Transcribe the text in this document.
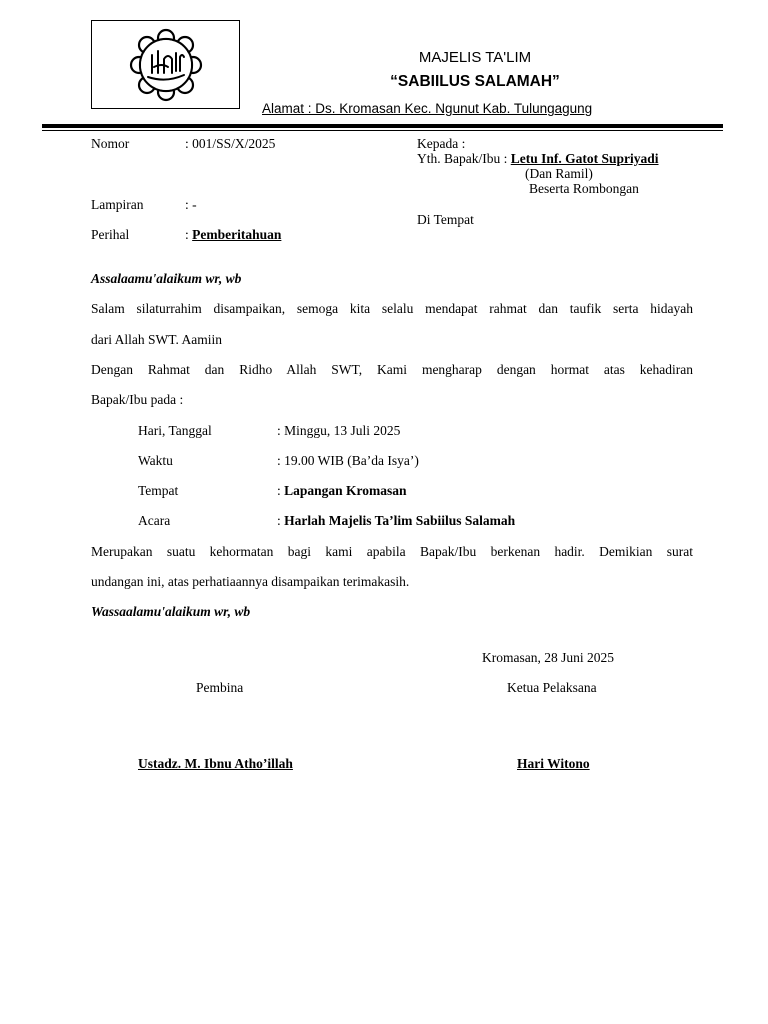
MAJELIS TA'LIM
“SABIILUS SALAMAH”
Alamat : Ds. Kromasan Kec. Ngunut Kab. Tulungagung
Nomor	: 001/SS/X/2025
Lampiran	: -
Perihal	: Pemberitahuan
Kepada :
Yth. Bapak/Ibu : Letu Inf. Gatot Supriyadi
(Dan Ramil)
Beserta Rombongan
Di Tempat
Assalaamu'alaikum wr, wb
Salam silaturrahim disampaikan, semoga kita selalu mendapat rahmat dan taufik serta hidayah
dari Allah SWT. Aamiin
Dengan Rahmat dan Ridho Allah SWT, Kami mengharap dengan hormat atas kehadiran
Bapak/Ibu pada :
Hari, Tanggal	: Minggu, 13 Juli 2025
Waktu	: 19.00 WIB (Ba’da Isya’)
Tempat	: Lapangan Kromasan
Acara	: Harlah Majelis Ta’lim Sabiilus Salamah
Merupakan suatu kehormatan bagi kami apabila Bapak/Ibu berkenan hadir. Demikian surat
undangan ini, atas perhatiaannya disampaikan terimakasih.
Wassaalamu'alaikum wr, wb
Kromasan, 28 Juni 2025
Pembina	Ketua Pelaksana
Ustadz. M. Ibnu Atho’illah	Hari Witono
